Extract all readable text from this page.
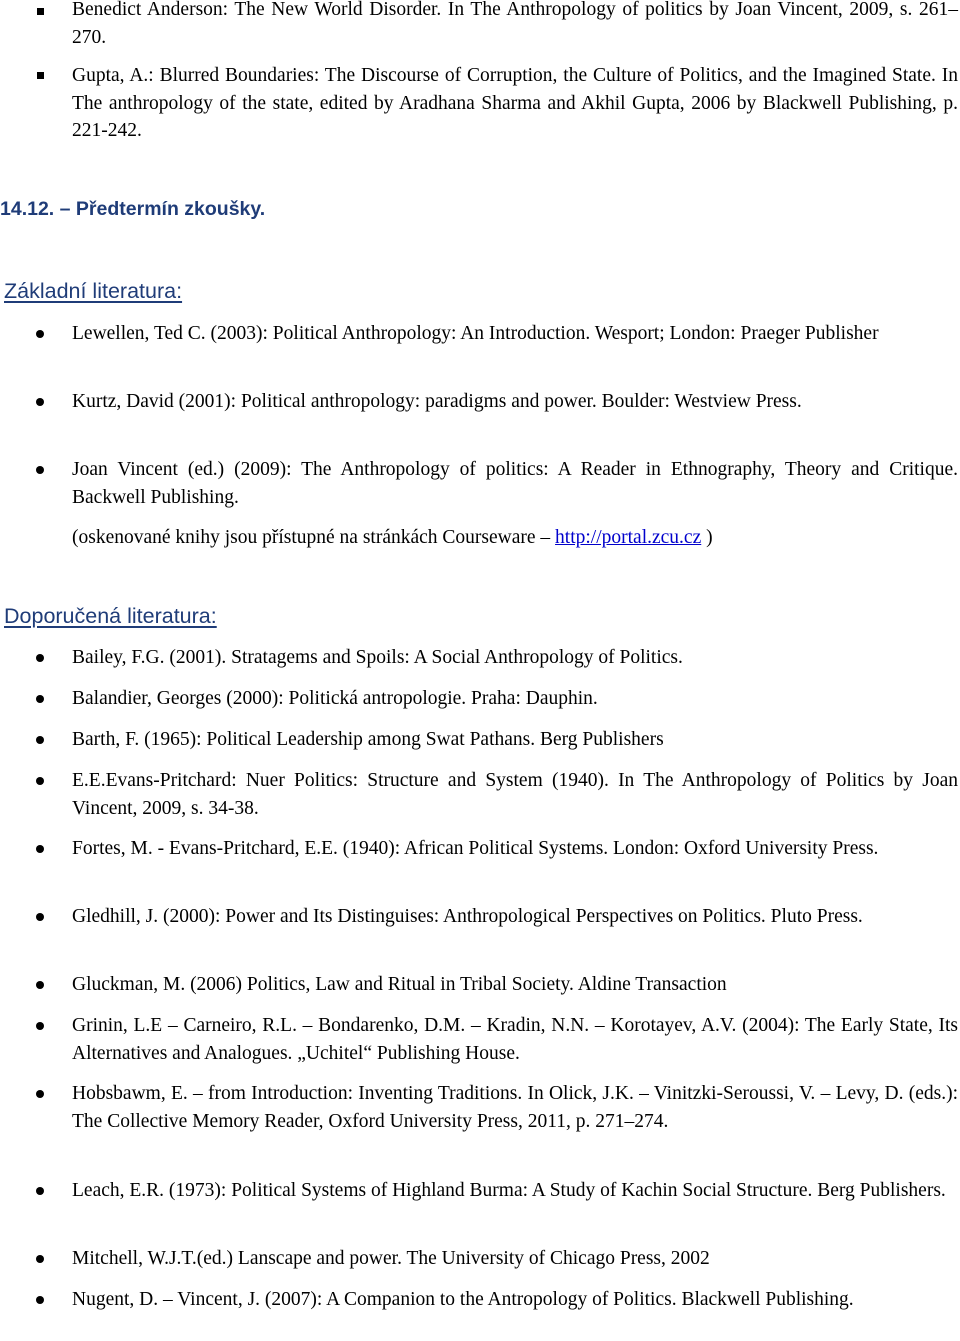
Benedict Anderson: The New World Disorder. In The Anthropology of politics by Joan Vincent, 2009, s. 261–270.
Gupta, A.: Blurred Boundaries: The Discourse of Corruption, the Culture of Politics, and the Imagined State. In The anthropology of the state, edited by Aradhana Sharma and Akhil Gupta, 2006 by Blackwell Publishing, p. 221-242.
14.12. – Předtermín zkoušky.
Základní literatura:
Lewellen, Ted C. (2003): Political Anthropology: An Introduction. Wesport; London: Praeger Publisher
Kurtz, David (2001): Political anthropology: paradigms and power. Boulder: Westview Press.
Joan Vincent (ed.) (2009): The Anthropology of politics: A Reader in Ethnography, Theory and Critique. Backwell Publishing.
(oskenované knihy jsou přístupné na stránkách Courseware – http://portal.zcu.cz )
Doporučená literatura:
Bailey, F.G. (2001). Stratagems and Spoils: A Social Anthropology of Politics.
Balandier, Georges (2000): Politická antropologie. Praha: Dauphin.
Barth, F. (1965): Political Leadership among Swat Pathans. Berg Publishers
E.E.Evans-Pritchard: Nuer Politics: Structure and System (1940). In The Anthropology of Politics by Joan Vincent, 2009, s. 34-38.
Fortes, M. - Evans-Pritchard, E.E. (1940): African Political Systems. London: Oxford University Press.
Gledhill, J. (2000): Power and Its Distinguises: Anthropological Perspectives on Politics. Pluto Press.
Gluckman, M. (2006) Politics, Law and Ritual in Tribal Society. Aldine Transaction
Grinin, L.E – Carneiro, R.L. – Bondarenko, D.M. – Kradin, N.N. – Korotayev, A.V. (2004): The Early State, Its Alternatives and Analogues. „Uchitel“ Publishing House.
Hobsbawm, E. – from Introduction: Inventing Traditions. In Olick, J.K. – Vinitzki-Seroussi, V. – Levy, D. (eds.): The Collective Memory Reader, Oxford University Press, 2011, p. 271–274.
Leach, E.R. (1973): Political Systems of Highland Burma: A Study of Kachin Social Structure. Berg Publishers.
Mitchell, W.J.T.(ed.) Lanscape and power. The University of Chicago Press, 2002
Nugent, D. – Vincent, J. (2007): A Companion to the Antropology of Politics. Blackwell Publishing.
